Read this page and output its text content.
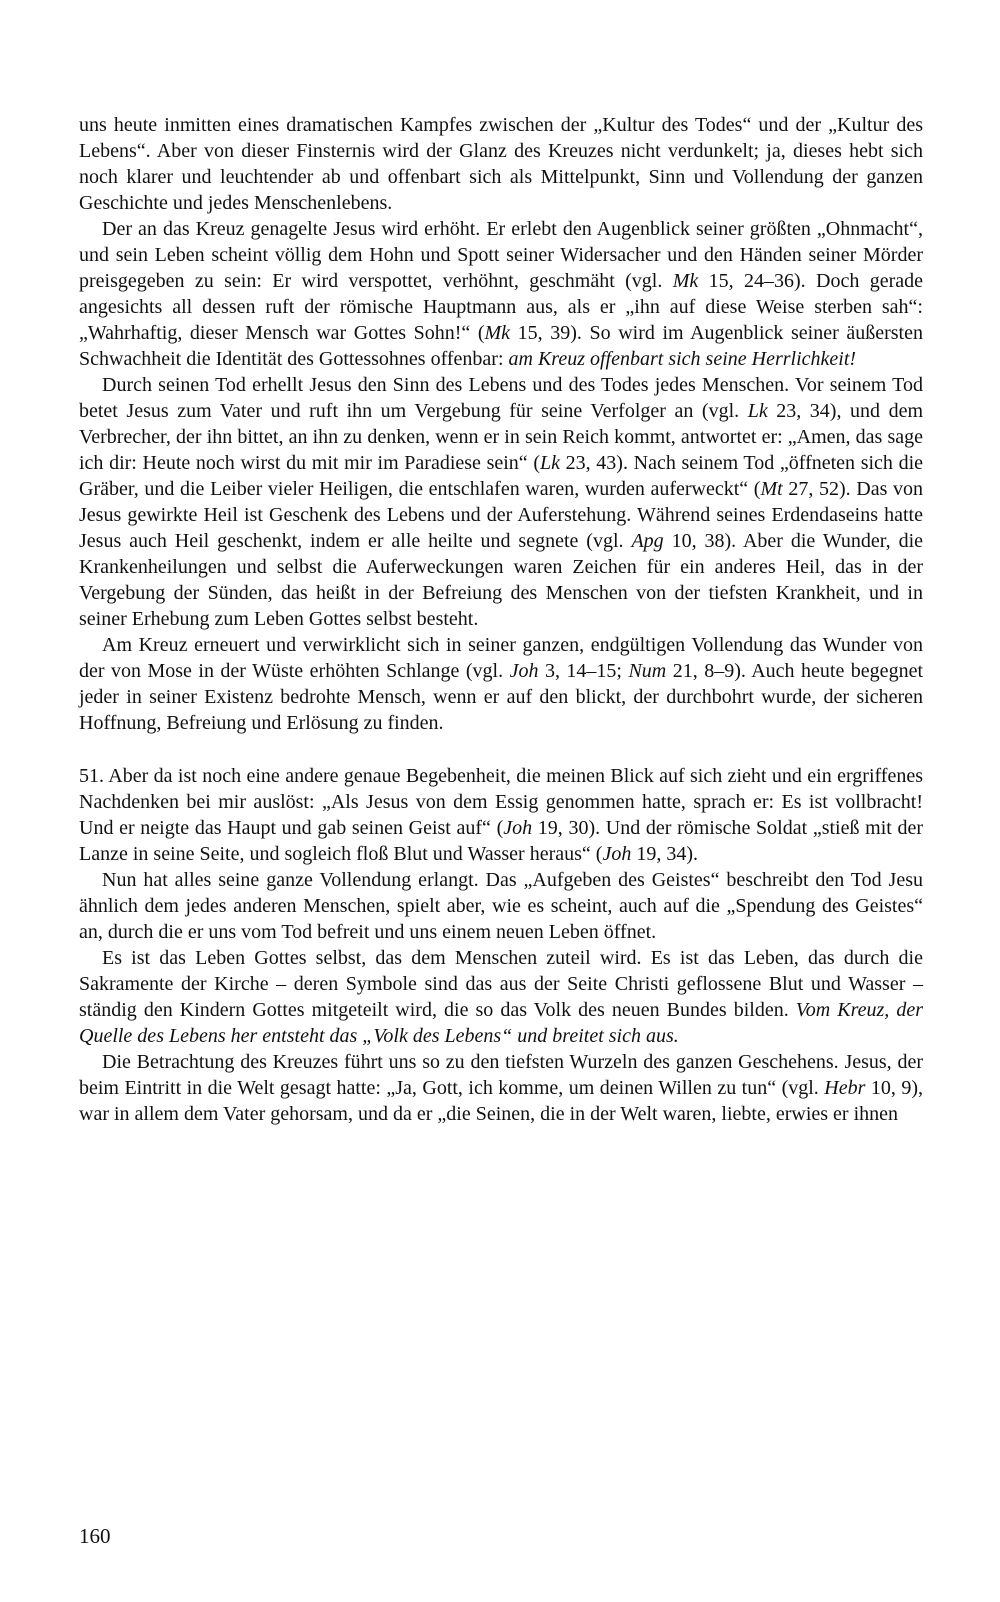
uns heute inmitten eines dramatischen Kampfes zwischen der „Kultur des Todes“ und der „Kultur des Lebens“. Aber von dieser Finsternis wird der Glanz des Kreuzes nicht verdunkelt; ja, dieses hebt sich noch klarer und leuchtender ab und offenbart sich als Mittelpunkt, Sinn und Vollendung der ganzen Geschichte und jedes Menschenlebens.

Der an das Kreuz genagelte Jesus wird erhöht. Er erlebt den Augenblick seiner größten „Ohnmacht“, und sein Leben scheint völlig dem Hohn und Spott seiner Widersacher und den Händen seiner Mörder preisgegeben zu sein: Er wird verspottet, verhöhnt, geschmäht (vgl. Mk 15, 24–36). Doch gerade angesichts all dessen ruft der römische Hauptmann aus, als er „ihn auf diese Weise sterben sah“: „Wahrhaftig, dieser Mensch war Gottes Sohn!“ (Mk 15, 39). So wird im Augenblick seiner äußersten Schwachheit die Identität des Gottessohnes offenbar: am Kreuz offenbart sich seine Herrlichkeit!

Durch seinen Tod erhellt Jesus den Sinn des Lebens und des Todes jedes Menschen. Vor seinem Tod betet Jesus zum Vater und ruft ihn um Vergebung für seine Verfolger an (vgl. Lk 23, 34), und dem Verbrecher, der ihn bittet, an ihn zu denken, wenn er in sein Reich kommt, antwortet er: „Amen, das sage ich dir: Heute noch wirst du mit mir im Paradiese sein“ (Lk 23, 43). Nach seinem Tod „öffneten sich die Gräber, und die Leiber vieler Heiligen, die entschlafen waren, wurden auferweckt“ (Mt 27, 52). Das von Jesus gewirkte Heil ist Geschenk des Lebens und der Auferstehung. Während seines Erdendaseins hatte Jesus auch Heil geschenkt, indem er alle heilte und segnete (vgl. Apg 10, 38). Aber die Wunder, die Krankenheilungen und selbst die Auferweckungen waren Zeichen für ein anderes Heil, das in der Vergebung der Sünden, das heißt in der Befreiung des Menschen von der tiefsten Krankheit, und in seiner Erhebung zum Leben Gottes selbst besteht.

Am Kreuz erneuert und verwirklicht sich in seiner ganzen, endgültigen Vollendung das Wunder von der von Mose in der Wüste erhöhten Schlange (vgl. Joh 3, 14–15; Num 21, 8–9). Auch heute begegnet jeder in seiner Existenz bedrohte Mensch, wenn er auf den blickt, der durchbohrt wurde, der sicheren Hoffnung, Befreiung und Erlösung zu finden.

51. Aber da ist noch eine andere genaue Begebenheit, die meinen Blick auf sich zieht und ein ergriffenes Nachdenken bei mir auslöst: „Als Jesus von dem Essig genommen hatte, sprach er: Es ist vollbracht! Und er neigte das Haupt und gab seinen Geist auf“ (Joh 19, 30). Und der römische Soldat „stieß mit der Lanze in seine Seite, und sogleich floß Blut und Wasser heraus“ (Joh 19, 34).

Nun hat alles seine ganze Vollendung erlangt. Das „Aufgeben des Geistes“ beschreibt den Tod Jesu ähnlich dem jedes anderen Menschen, spielt aber, wie es scheint, auch auf die „Spendung des Geistes“ an, durch die er uns vom Tod befreit und uns einem neuen Leben öffnet.

Es ist das Leben Gottes selbst, das dem Menschen zuteil wird. Es ist das Leben, das durch die Sakramente der Kirche – deren Symbole sind das aus der Seite Christi geflossene Blut und Wasser – ständig den Kindern Gottes mitgeteilt wird, die so das Volk des neuen Bundes bilden. Vom Kreuz, der Quelle des Lebens her entsteht das „Volk des Lebens“ und breitet sich aus.

Die Betrachtung des Kreuzes führt uns so zu den tiefsten Wurzeln des ganzen Geschehens. Jesus, der beim Eintritt in die Welt gesagt hatte: „Ja, Gott, ich komme, um deinen Willen zu tun“ (vgl. Hebr 10, 9), war in allem dem Vater gehorsam, und da er „die Seinen, die in der Welt waren, liebte, erwies er ihnen

160
